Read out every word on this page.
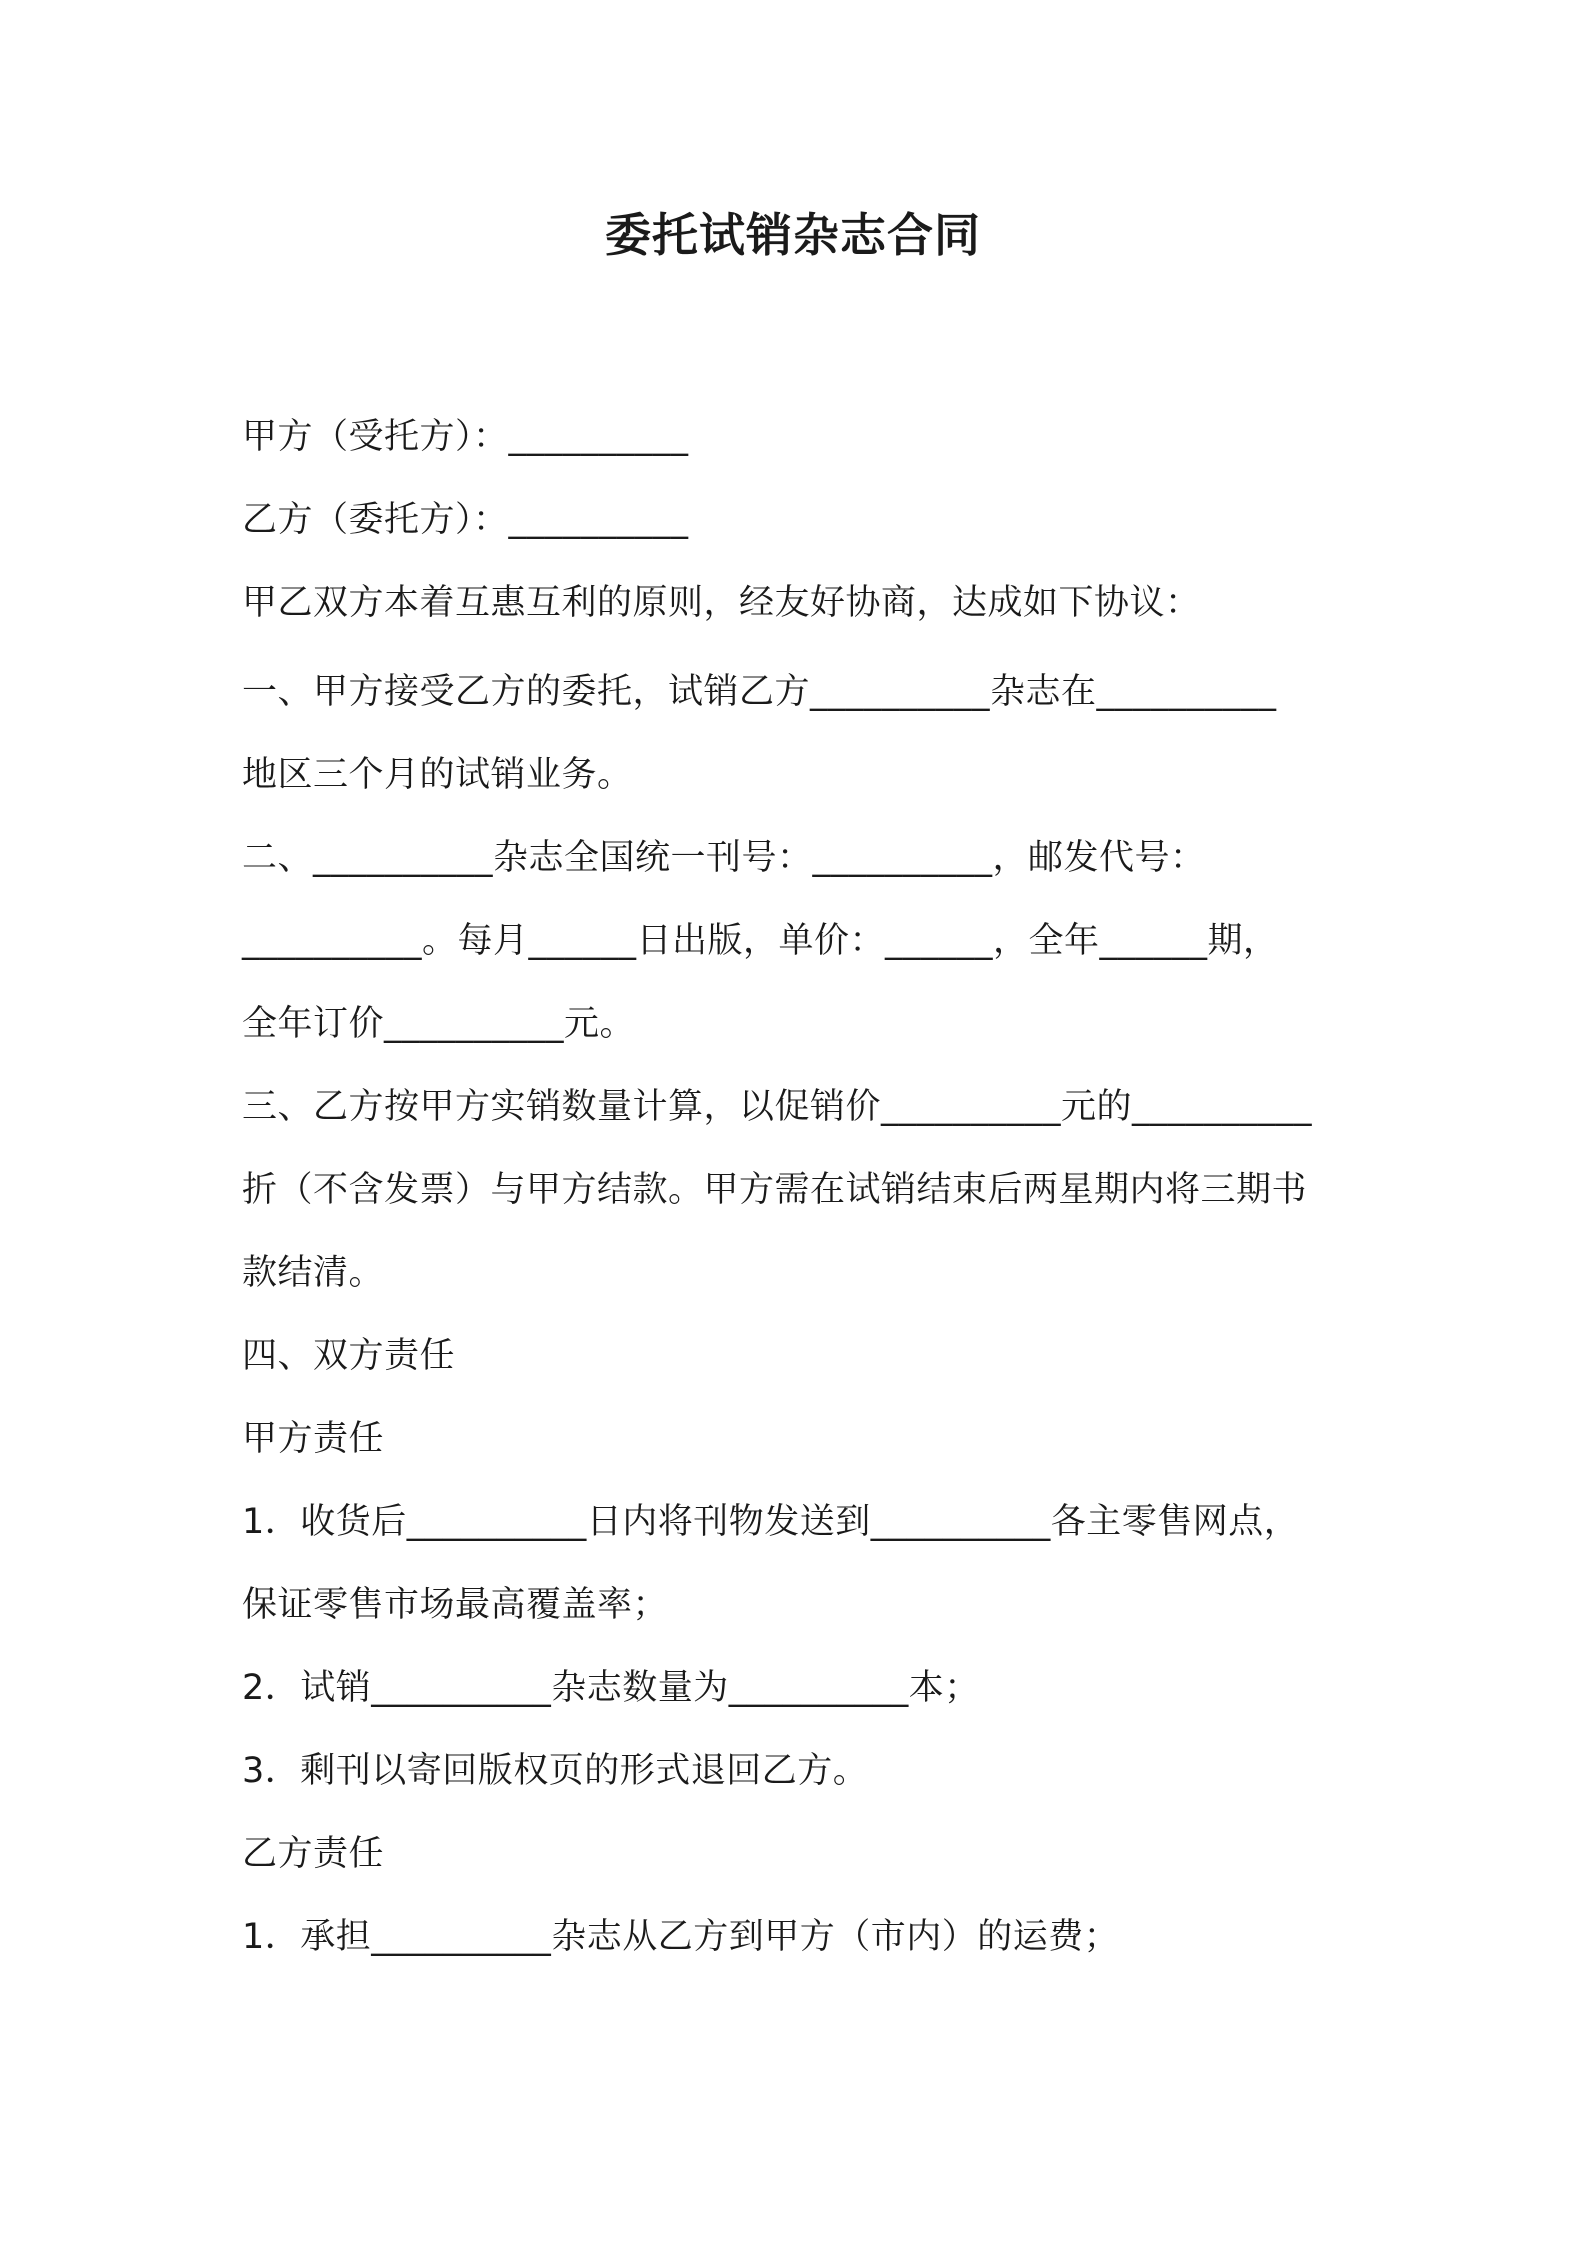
委托试销杂志合同
甲方（受托方）：__________
乙方（委托方）：__________
甲乙双方本着互惠互利的原则，经友好协商，达成如下协议：
一、甲方接受乙方的委托，试销乙方__________杂志在__________
地区三个月的试销业务。
二、__________杂志全国统一刊号：__________，邮发代号：
__________。每月______日出版，单价：______，全年______期，
全年订价__________元。
三、乙方按甲方实销数量计算，以促销价__________元的__________
折（不含发票）与甲方结款。甲方需在试销结束后两星期内将三期书
款结清。
四、双方责任
甲方责任
1．收货后__________日内将刊物发送到__________各主零售网点，
保证零售市场最高覆盖率；
2．试销__________杂志数量为__________本；
3．剩刊以寄回版权页的形式退回乙方。
乙方责任
1．承担__________杂志从乙方到甲方（市内）的运费；
